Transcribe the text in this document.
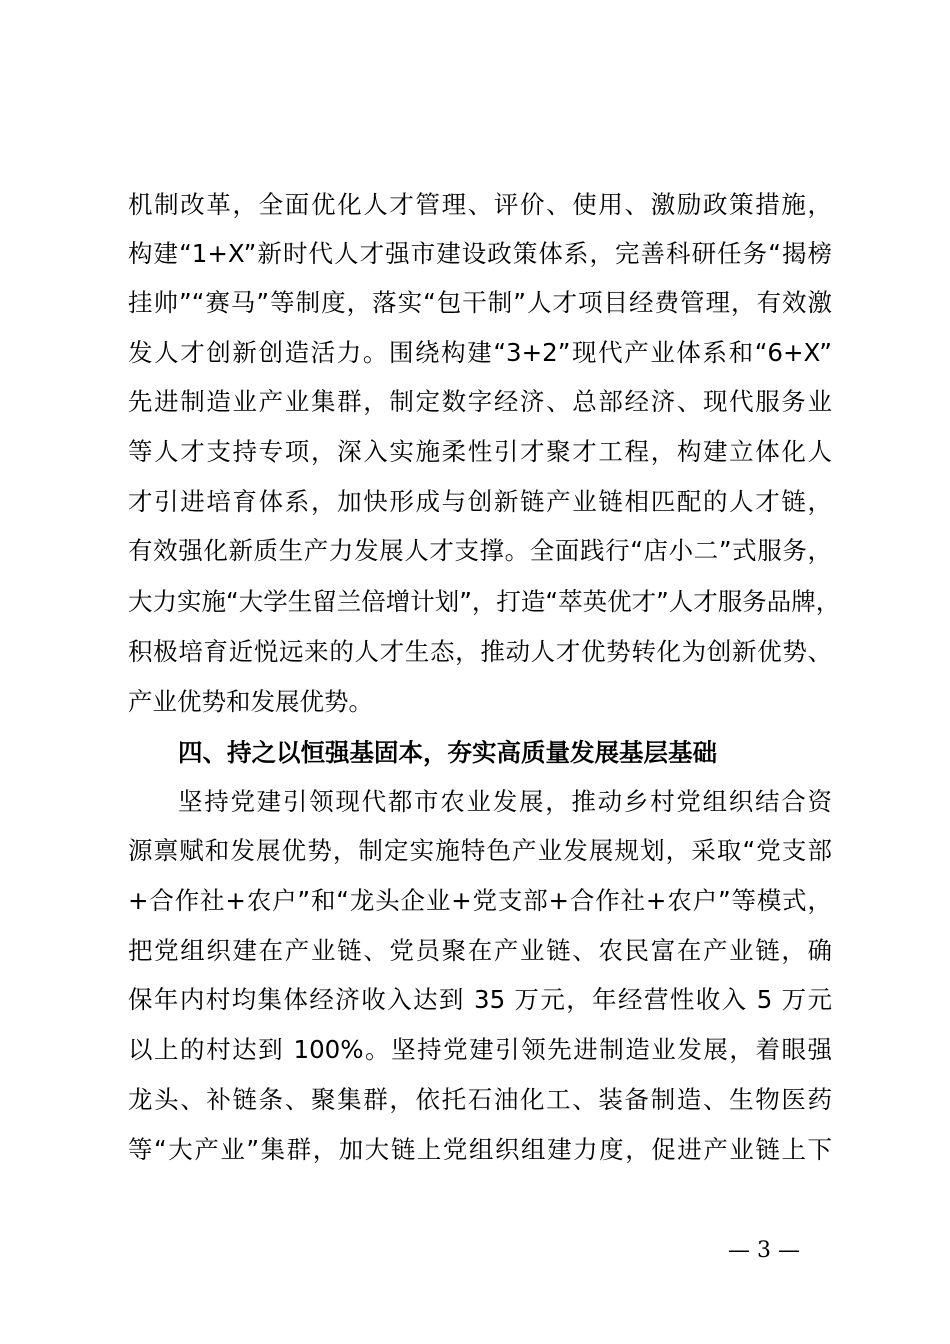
机制改革，全面优化人才管理、评价、使用、激励政策措施，
构建“1+X”新时代人才强市建设政策体系，完善科研任务“揭榜
挂帅”“赛马”等制度，落实“包干制”人才项目经费管理，有效激
发人才创新创造活力。围绕构建“3+2”现代产业体系和“6+X”
先进制造业产业集群，制定数字经济、总部经济、现代服务业
等人才支持专项，深入实施柔性引才聚才工程，构建立体化人
才引进培育体系，加快形成与创新链产业链相匹配的人才链，
有效强化新质生产力发展人才支撑。全面践行“店小二”式服务，
大力实施“大学生留兰倍增计划”，打造“萃英优才”人才服务品牌，
积极培育近悦远来的人才生态，推动人才优势转化为创新优势、
产业优势和发展优势。
四、持之以恒强基固本，夯实高质量发展基层基础
坚持党建引领现代都市农业发展，推动乡村党组织结合资
源禀赋和发展优势，制定实施特色产业发展规划，采取“党支部
+合作社+农户”和“龙头企业+党支部+合作社+农户”等模式，
把党组织建在产业链、党员聚在产业链、农民富在产业链，确
保年内村均集体经济收入达到 35 万元，年经营性收入 5 万元
以上的村达到 100%。坚持党建引领先进制造业发展，着眼强
龙头、补链条、聚集群，依托石油化工、装备制造、生物医药
等“大产业”集群，加大链上党组织组建力度，促进产业链上下
— 3 —
